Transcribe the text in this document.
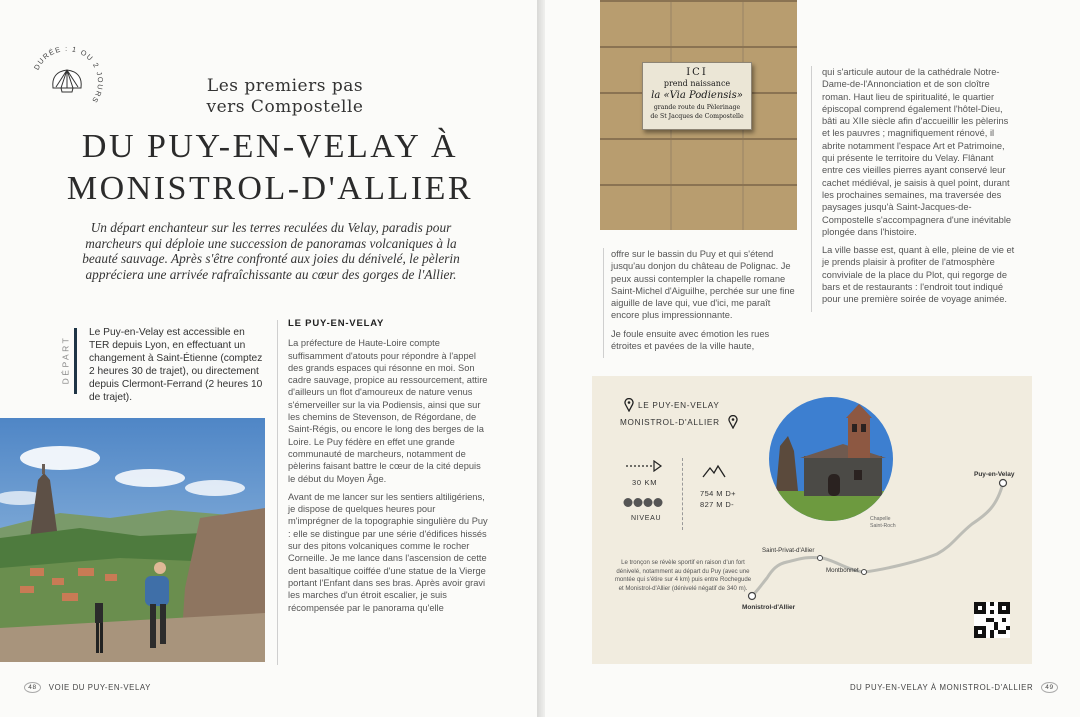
DURÉE : 1 OU 2 JOURS
Les premiers pas
vers Compostelle
DU PUY-EN-VELAY À
MONISTROL-D'ALLIER
Un départ enchanteur sur les terres reculées du Velay, paradis pour marcheurs qui déploie une succession de panoramas volcaniques à la beauté sauvage. Après s'être confronté aux joies du dénivelé, le pèlerin appréciera une arrivée rafraîchissante au cœur des gorges de l'Allier.
DÉPART
Le Puy-en-Velay est accessible en TER depuis Lyon, en effectuant un changement à Saint-Étienne (comptez 2 heures 30 de trajet), ou directement depuis Clermont-Ferrand (2 heures 10 de trajet).
LE PUY-EN-VELAY

La préfecture de Haute-Loire compte suffisamment d'atouts pour répondre à l'appel des grands espaces qui résonne en moi. Son cadre sauvage, propice au ressourcement, attire d'ailleurs un flot d'amoureux de nature venus s'émerveiller sur la via Podiensis, ainsi que sur les chemins de Stevenson, de Régordane, de Saint-Régis, ou encore le long des berges de la Loire. Le Puy fédère en effet une grande communauté de marcheurs, notamment de pèlerins faisant battre le cœur de la cité depuis le début du Moyen Âge.

Avant de me lancer sur les sentiers altiligériens, je dispose de quelques heures pour m'imprégner de la topographie singulière du Puy : elle se distingue par une série d'édifices hissés sur des pitons volcaniques comme le rocher Corneille. Je me lance dans l'ascension de cette dent basaltique coiffée d'une statue de la Vierge portant l'Enfant dans ses bras. Après avoir gravi les marches d'un étroit escalier, je suis récompensée par le panorama qu'elle

48 VOIE DU PUY-EN-VELAY
ICI
prend naissance
la «Via Podiensis»
grande route du Pèlerinage
de St Jacques de Compostelle

offre sur le bassin du Puy et qui s'étend jusqu'au donjon du château de Polignac. Je peux aussi contempler la chapelle romane Saint-Michel d'Aiguilhe, perchée sur une fine aiguille de lave qui, vue d'ici, me paraît encore plus impressionnante.

Je foule ensuite avec émotion les rues étroites et pavées de la ville haute,

qui s'articule autour de la cathédrale Notre-Dame-de-l'Annonciation et de son cloître roman. Haut lieu de spiritualité, le quartier épiscopal comprend également l'hôtel-Dieu, bâti au XIIe siècle afin d'accueillir les pèlerins et les pauvres ; magnifiquement rénové, il abrite notamment l'espace Art et Patrimoine, qui présente le territoire du Velay. Flânant entre ces vieilles pierres ayant conservé leur cachet médiéval, je saisis à quel point, durant les prochaines semaines, ma traversée des paysages jusqu'à Saint-Jacques-de-Compostelle s'accompagnera d'une inévitable plongée dans l'histoire.

La ville basse est, quant à elle, pleine de vie et je prends plaisir à profiter de l'atmosphère conviviale de la place du Plot, qui regorge de bars et de restaurants : l'endroit tout indiqué pour une première soirée de voyage animée.

LE PUY-EN-VELAY
MONISTROL-D'ALLIER
30 KM
NIVEAU
754 M D+
827 M D-
Le tronçon se révèle sportif en raison d'un fort dénivelé, notamment au départ du Puy (avec une montée qui s'étire sur 4 km) puis entre Rochegude et Monistrol-d'Allier (dénivelé négatif de 340 m).
Puy-en-Velay
Chapelle
Saint-Roch
Saint-Privat-d'Allier
Montbonnet
Monistrol-d'Allier
DU PUY-EN-VELAY À MONISTROL-D'ALLIER 49
